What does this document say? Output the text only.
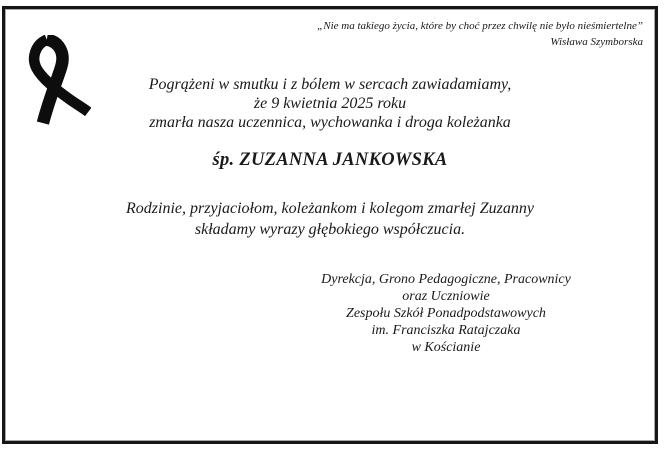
„Nie ma takiego życia, które by choć przez chwilę nie było nieśmiertelne”
Wisława Szymborska
Pogrążeni w smutku i z bólem w sercach zawiadamiamy,
że 9 kwietnia 2025 roku
zmarła nasza uczennica, wychowanka i droga koleżanka
śp. ZUZANNA JANKOWSKA
Rodzinie, przyjaciołom, koleżankom i kolegom zmarłej Zuzanny
składamy wyrazy głębokiego współczucia.
Dyrekcja, Grono Pedagogiczne, Pracownicy
oraz Uczniowie
Zespołu Szkół Ponadpodstawowych
im. Franciszka Ratajczaka
w Kościanie
